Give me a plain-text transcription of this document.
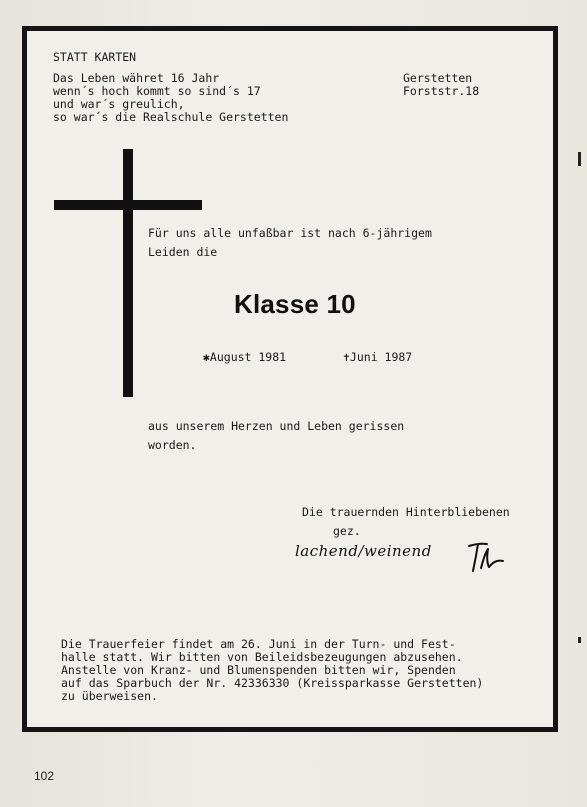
STATT KARTEN
Das Leben währet 16 Jahr
wenn´s hoch kommt so sind´s 17
und war´s greulich,
so war´s die Realschule Gerstetten
Gerstetten
Forststr.18
Für uns alle unfaßbar ist nach 6-jährigem
Leiden die
Klasse 10
✱August 1981	✝Juni 1987
aus unserem Herzen und Leben gerissen
worden.
Die trauernden Hinterbliebenen
gez.
lachend/weinend
Die Trauerfeier findet am 26. Juni in der Turn- und Fest-
halle statt. Wir bitten von Beileidsbezeugungen abzusehen.
Anstelle von Kranz- und Blumenspenden bitten wir, Spenden
auf das Sparbuch der Nr. 42336330 (Kreissparkasse Gerstetten)
zu überweisen.
102
